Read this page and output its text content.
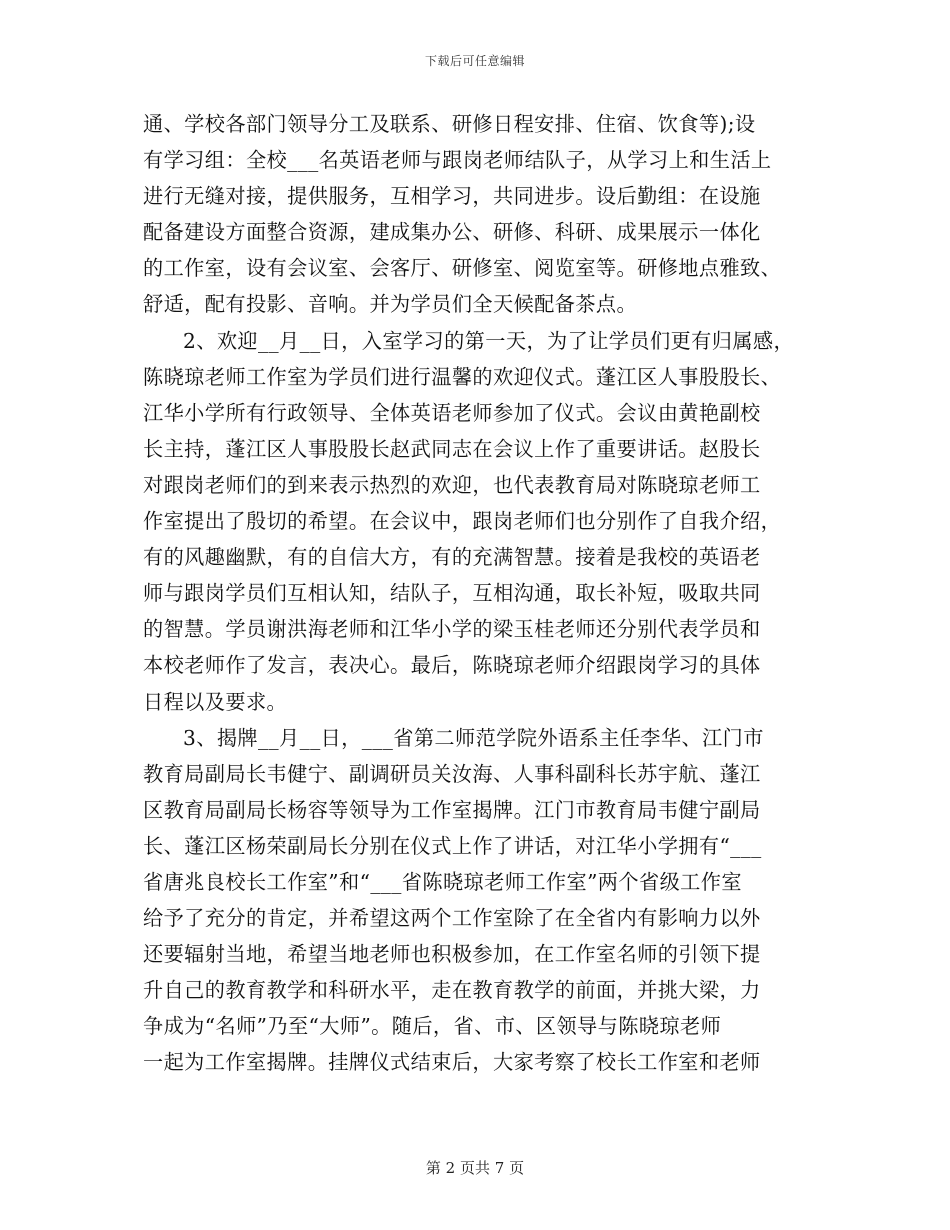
下载后可任意编辑
通、学校各部门领导分工及联系、研修日程安排、住宿、饮食等);设
有学习组：全校___名英语老师与跟岗老师结队子，从学习上和生活上
进行无缝对接，提供服务，互相学习，共同进步。设后勤组：在设施
配备建设方面整合资源，建成集办公、研修、科研、成果展示一体化
的工作室，设有会议室、会客厅、研修室、阅览室等。研修地点雅致、
舒适，配有投影、音响。并为学员们全天候配备茶点。
2、欢迎__月__日，入室学习的第一天，为了让学员们更有归属感，
陈晓琼老师工作室为学员们进行温馨的欢迎仪式。蓬江区人事股股长、
江华小学所有行政领导、全体英语老师参加了仪式。会议由黄艳副校
长主持，蓬江区人事股股长赵武同志在会议上作了重要讲话。赵股长
对跟岗老师们的到来表示热烈的欢迎，也代表教育局对陈晓琼老师工
作室提出了殷切的希望。在会议中，跟岗老师们也分别作了自我介绍，
有的风趣幽默，有的自信大方，有的充满智慧。接着是我校的英语老
师与跟岗学员们互相认知，结队子，互相沟通，取长补短，吸取共同
的智慧。学员谢洪海老师和江华小学的梁玉桂老师还分别代表学员和
本校老师作了发言，表决心。最后，陈晓琼老师介绍跟岗学习的具体
日程以及要求。
3、揭牌__月__日，___省第二师范学院外语系主任李华、江门市
教育局副局长韦健宁、副调研员关汝海、人事科副科长苏宇航、蓬江
区教育局副局长杨容等领导为工作室揭牌。江门市教育局韦健宁副局
长、蓬江区杨荣副局长分别在仪式上作了讲话，对江华小学拥有“___
省唐兆良校长工作室”和“___省陈晓琼老师工作室”两个省级工作室
给予了充分的肯定，并希望这两个工作室除了在全省内有影响力以外
还要辐射当地，希望当地老师也积极参加，在工作室名师的引领下提
升自己的教育教学和科研水平，走在教育教学的前面，并挑大梁，力
争成为“名师”乃至“大师”。随后，省、市、区领导与陈晓琼老师
一起为工作室揭牌。挂牌仪式结束后，大家考察了校长工作室和老师
第 2 页共 7 页
